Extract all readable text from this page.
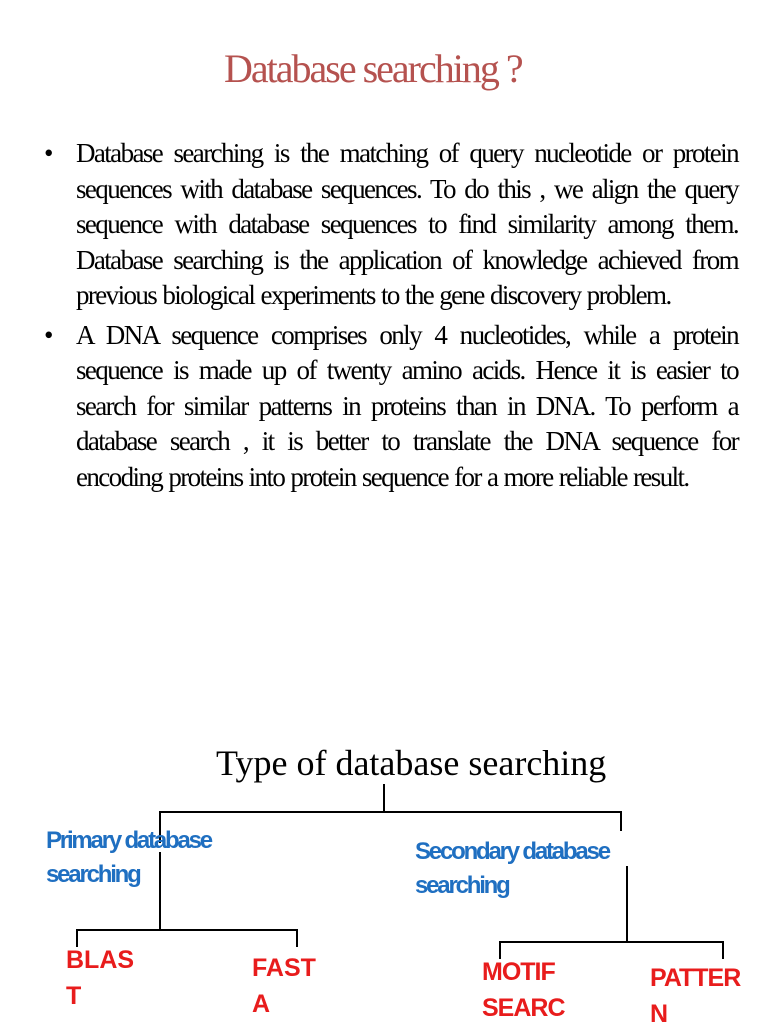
Database searching ?
• Database searching is the matching of query nucleotide or protein sequences with database sequences. To do this , we align the query sequence with database sequences to find similarity among them. Database searching is the application of knowledge achieved from previous biological experiments to the gene discovery problem.
• A DNA sequence comprises only 4 nucleotides, while a protein sequence is made up of twenty amino acids. Hence it is easier to search for similar patterns in proteins than in DNA. To perform a database search , it is better to translate the DNA sequence for encoding proteins into protein sequence for a more reliable result.
Type of database searching
Primary database searching
Secondary database searching
BLAS T
FAST A
MOTIF SEARC
PATTER N
